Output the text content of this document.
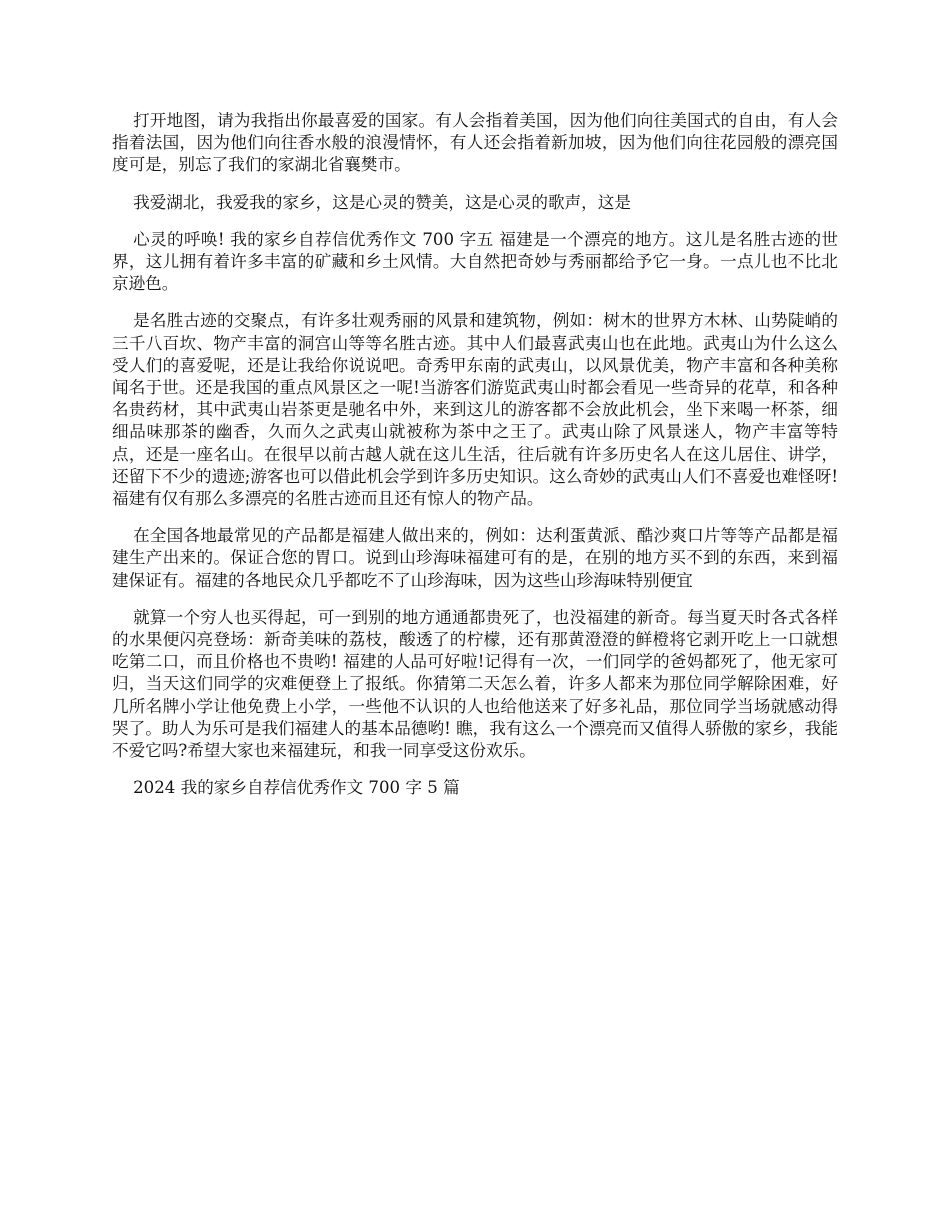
打开地图，请为我指出你最喜爱的国家。有人会指着美国，因为他们向往美国式的自由，有人会指着法国，因为他们向往香水般的浪漫情怀，有人还会指着新加坡，因为他们向往花园般的漂亮国度可是，别忘了我们的家湖北省襄樊市。

我爱湖北，我爱我的家乡，这是心灵的赞美，这是心灵的歌声，这是

心灵的呼唤! 我的家乡自荐信优秀作文 700 字五 福建是一个漂亮的地方。这儿是名胜古迹的世界，这儿拥有着许多丰富的矿藏和乡土风情。大自然把奇妙与秀丽都给予它一身。一点儿也不比北京逊色。

是名胜古迹的交聚点，有许多壮观秀丽的风景和建筑物，例如：树木的世界方木林、山势陡峭的三千八百坎、物产丰富的洞宫山等等名胜古迹。其中人们最喜武夷山也在此地。武夷山为什么这么受人们的喜爱呢，还是让我给你说说吧。奇秀甲东南的武夷山，以风景优美，物产丰富和各种美称闻名于世。还是我国的重点风景区之一呢!当游客们游览武夷山时都会看见一些奇异的花草，和各种名贵药材，其中武夷山岩茶更是驰名中外，来到这儿的游客都不会放此机会，坐下来喝一杯茶，细细品味那茶的幽香，久而久之武夷山就被称为茶中之王了。武夷山除了风景迷人，物产丰富等特点，还是一座名山。在很早以前古越人就在这儿生活，往后就有许多历史名人在这儿居住、讲学，还留下不少的遗迹;游客也可以借此机会学到许多历史知识。这么奇妙的武夷山人们不喜爱也难怪呀!福建有仅有那么多漂亮的名胜古迹而且还有惊人的物产品。

在全国各地最常见的产品都是福建人做出来的，例如：达利蛋黄派、酷沙爽口片等等产品都是福建生产出来的。保证合您的胃口。说到山珍海味福建可有的是，在别的地方买不到的东西，来到福建保证有。福建的各地民众几乎都吃不了山珍海味，因为这些山珍海味特别便宜

就算一个穷人也买得起，可一到别的地方通通都贵死了，也没福建的新奇。每当夏天时各式各样的水果便闪亮登场：新奇美味的荔枝，酸透了的柠檬，还有那黄澄澄的鲜橙将它剥开吃上一口就想吃第二口，而且价格也不贵哟! 福建的人品可好啦!记得有一次，一们同学的爸妈都死了，他无家可归，当天这们同学的灾难便登上了报纸。你猜第二天怎么着，许多人都来为那位同学解除困难，好几所名牌小学让他免费上小学，一些他不认识的人也给他送来了好多礼品，那位同学当场就感动得哭了。助人为乐可是我们福建人的基本品德哟! 瞧，我有这么一个漂亮而又值得人骄傲的家乡，我能不爱它吗?希望大家也来福建玩，和我一同享受这份欢乐。

2024 我的家乡自荐信优秀作文 700 字 5 篇
